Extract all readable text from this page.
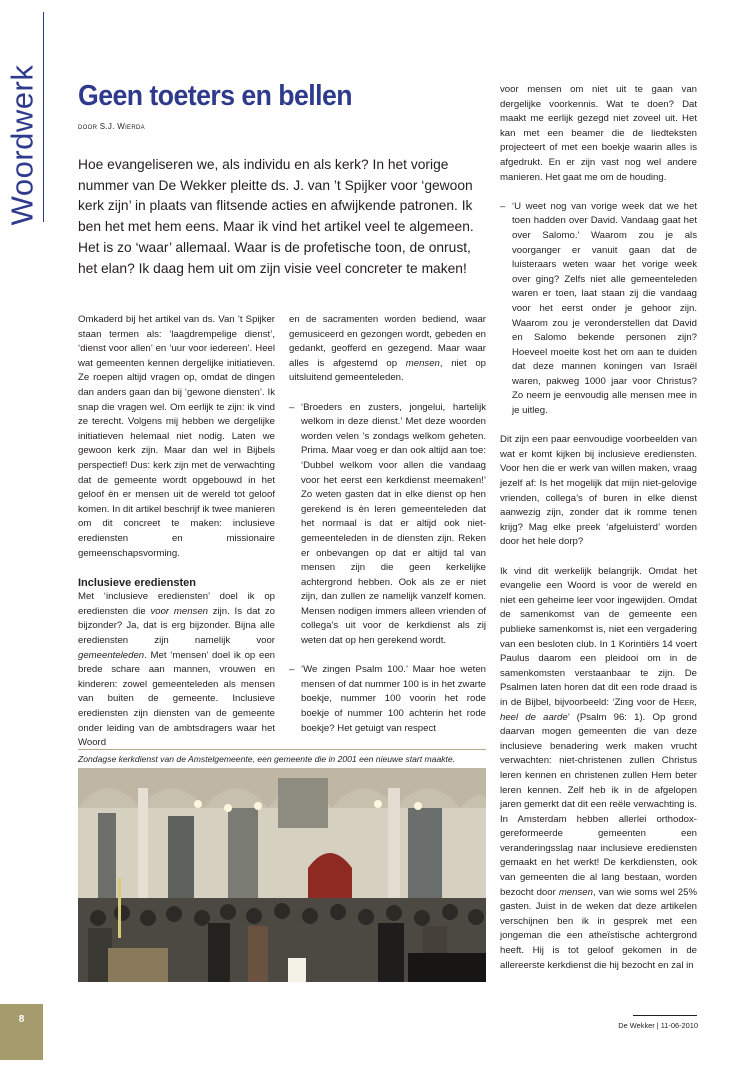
Woordwerk Geen toeters en bellen
door S.J. Wierda

Hoe evangeliseren we, als individu en als kerk? In het vorige nummer van De Wekker pleitte ds. J. van ’t Spijker voor ‘gewoon kerk zijn’ in plaats van flitsende acties en afwijkende patronen. Ik ben het met hem eens. Maar ik vind het artikel veel te algemeen. Het is zo ‘waar’ allemaal. Waar is de profetische toon, de onrust, het elan? Ik daag hem uit om zijn visie veel concreter te maken!

Omkaderd bij het artikel van ds. Van ’t Spijker staan termen als: ‘laagdrempelige dienst’, ‘dienst voor allen’ en ‘uur voor iedereen’. Heel wat gemeenten kennen dergelijke initiatieven. Ze roepen altijd vragen op, omdat de dingen dan anders gaan dan bij ‘gewone diensten’. Ik snap die vragen wel. Om eerlijk te zijn: ik vind ze terecht. Volgens mij hebben we dergelijke initiatieven helemaal niet nodig. Laten we gewoon kerk zijn. Maar dan wel in Bijbels perspectief! Dus: kerk zijn met de verwachting dat de gemeente wordt opgebouwd in het geloof èn er mensen uit de wereld tot geloof komen. In dit artikel beschrijf ik twee manieren om dit concreet te maken: inclusieve erediensten en missionaire gemeenschapsvorming.

Inclusieve erediensten

Met ‘inclusieve erediensten’ doel ik op erediensten die voor mensen zijn. Is dat zo bijzonder? Ja, dat is erg bijzonder. Bijna alle erediensten zijn namelijk voor gemeenteleden. Met ‘mensen’ doel ik op een brede schare aan mannen, vrouwen en kinderen: zowel gemeenteleden als mensen van buiten de gemeente. Inclusieve erediensten zijn diensten van de gemeente onder leiding van de ambtsdragers waar het Woord

en de sacramenten worden bediend, waar gemusiceerd en gezongen wordt, gebeden en gedankt, geofferd en gezegend. Maar waar alles is afgestemd op mensen, niet op uitsluitend gemeenteleden.

– ‘Broeders en zusters, jongelui, hartelijk welkom in deze dienst.’ Met deze woorden worden velen ’s zondags welkom geheten. Prima. Maar voeg er dan ook altijd aan toe: ‘Dubbel welkom voor allen die vandaag voor het eerst een kerkdienst meemaken!’ Zo weten gasten dat in elke dienst op hen gerekend is èn leren gemeenteleden dat het normaal is dat er altijd ook niet-gemeenteleden in de diensten zijn. Reken er onbevangen op dat er altijd tal van mensen zijn die geen kerkelijke achtergrond hebben. Ook als ze er niet zijn, dan zullen ze namelijk vanzelf komen. Mensen nodigen immers alleen vrienden of collega’s uit voor de kerkdienst als zij weten dat op hen gerekend wordt.
– ‘We zingen Psalm 100.’ Maar hoe weten mensen of dat nummer 100 is in het zwarte boekje, nummer 100 voorin het rode boekje of nummer 100 achterin het rode boekje? Het getuigt van respect

voor mensen om niet uit te gaan van dergelijke voorkennis. Wat te doen? Dat maakt me eerlijk gezegd niet zoveel uit. Het kan met een beamer die de liedteksten projecteert of met een boekje waarin alles is afgedrukt. En er zijn vast nog wel andere manieren. Het gaat me om de houding.

– ‘U weet nog van vorige week dat we het toen hadden over David. Vandaag gaat het over Salomo.’ Waarom zou je als voorganger er vanuit gaan dat de luisteraars weten waar het vorige week over ging? Zelfs niet alle gemeenteleden waren er toen, laat staan zij die vandaag voor het eerst onder je gehoor zijn. Waarom zou je veronderstellen dat David en Salomo bekende personen zijn? Hoeveel moeite kost het om aan te duiden dat deze mannen koningen van Israël waren, pakweg 1000 jaar voor Christus? Zo neem je eenvoudig alle mensen mee in je uitleg.

Dit zijn een paar eenvoudige voorbeelden van wat er komt kijken bij inclusieve erediensten. Voor hen die er werk van willen maken, vraag jezelf af: Is het mogelijk dat mijn niet-gelovige vrienden, collega’s of buren in elke dienst aanwezig zijn, zonder dat ik romme tenen krijg? Mag elke preek ‘afgeluisterd’ worden door het hele dorp?

Ik vind dit werkelijk belangrijk. Omdat het evangelie een Woord is voor de wereld en niet een geheime leer voor ingewijden. Omdat de samenkomst van de gemeente een publieke samenkomst is, niet een vergadering van een besloten club. In 1 Korintiërs 14 voert Paulus daarom een pleidooi om in de samenkomsten verstaanbaar te zijn. De Psalmen laten horen dat dit een rode draad is in de Bijbel, bijvoorbeeld: ‘Zing voor de Heer, heel de aarde’ (Psalm 96: 1). Op grond daarvan mogen gemeenten die van deze inclusieve benadering werk maken vrucht verwachten: niet-christenen zullen Christus leren kennen en christenen zullen Hem beter leren kennen. Zelf heb ik in de afgelopen jaren gemerkt dat dit een reële verwachting is. In Amsterdam hebben allerlei orthodox-gereformeerde gemeenten een veranderingsslag naar inclusieve erediensten gemaakt en het werkt! De kerkdiensten, ook van gemeenten die al lang bestaan, worden bezocht door mensen, van wie soms wel 25% gasten. Juist in de weken dat deze artikelen verschijnen ben ik in gesprek met een jongeman die een atheïstische achtergrond heeft. Hij is tot geloof gekomen in de allereerste kerkdienst die hij bezocht en zal in

Zondagse kerkdienst van de Amstelgemeente, een gemeente die in 2001 een nieuwe start maakte.
8
De Wekker | 11-06-2010
